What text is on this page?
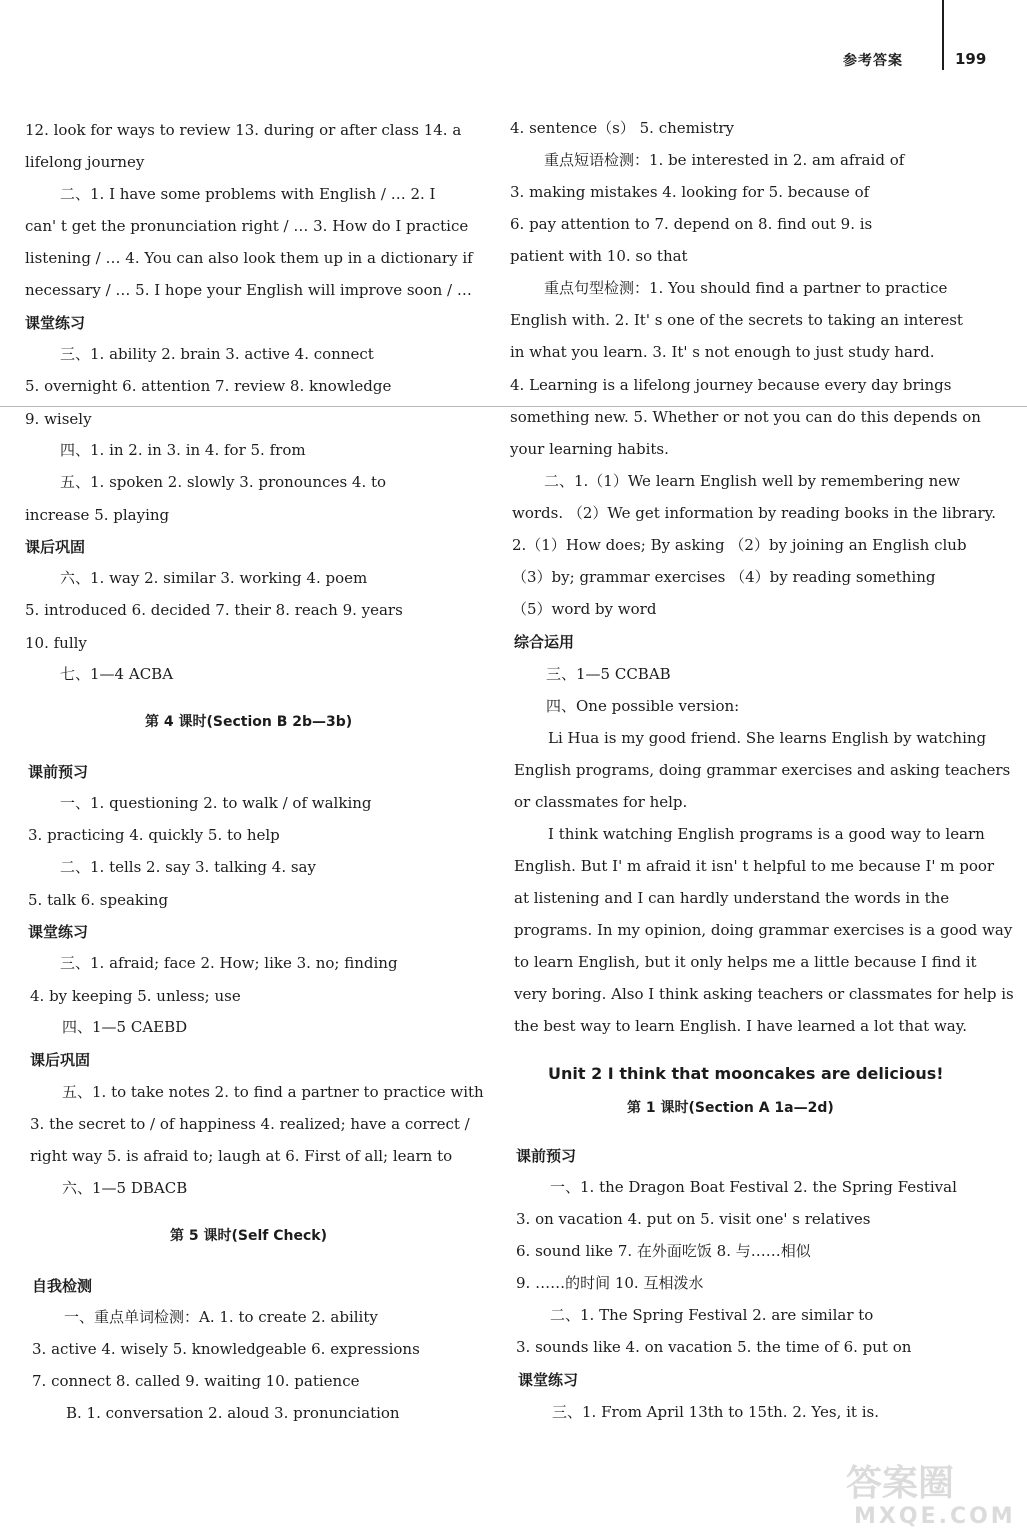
参考答案	199
12. look for ways to review 13. during or after class 14. a
lifelong journey
二、1. I have some problems with English / … 2. I
can' t get the pronunciation right / … 3. How do I practice
listening / … 4. You can also look them up in a dictionary if
necessary / … 5. I hope your English will improve soon / …
课堂练习
三、1. ability 2. brain 3. active 4. connect
5. overnight 6. attention 7. review 8. knowledge
9. wisely
四、1. in 2. in 3. in 4. for 5. from
五、1. spoken 2. slowly 3. pronounces 4. to
increase 5. playing
课后巩固
六、1. way 2. similar 3. working 4. poem
5. introduced 6. decided 7. their 8. reach 9. years
10. fully
七、1—4 ACBA
第 4 课时(Section B 2b—3b)
课前预习
一、1. questioning 2. to walk / of walking
3. practicing 4. quickly 5. to help
二、1. tells 2. say 3. talking 4. say
5. talk 6. speaking
课堂练习
三、1. afraid; face 2. How; like 3. no; finding
4. by keeping 5. unless; use
四、1—5 CAEBD
课后巩固
五、1. to take notes 2. to find a partner to practice with
3. the secret to / of happiness 4. realized; have a correct /
right way 5. is afraid to; laugh at 6. First of all; learn to
六、1—5 DBACB
第 5 课时(Self Check)
自我检测
一、重点单词检测：A. 1. to create 2. ability
3. active 4. wisely 5. knowledgeable 6. expressions
7. connect 8. called 9. waiting 10. patience
B. 1. conversation 2. aloud 3. pronunciation
4. sentence（s） 5. chemistry
重点短语检测：1. be interested in 2. am afraid of
3. making mistakes 4. looking for 5. because of
6. pay attention to 7. depend on 8. find out 9. is
patient with 10. so that
重点句型检测：1. You should find a partner to practice
English with. 2. It' s one of the secrets to taking an interest
in what you learn. 3. It' s not enough to just study hard.
4. Learning is a lifelong journey because every day brings
something new. 5. Whether or not you can do this depends on
your learning habits.
二、1.（1）We learn English well by remembering new
words. （2）We get information by reading books in the library.
2.（1）How does; By asking （2）by joining an English club
（3）by; grammar exercises （4）by reading something
（5）word by word
综合运用
三、1—5 CCBAB
四、One possible version:
Li Hua is my good friend. She learns English by watching
English programs, doing grammar exercises and asking teachers
or classmates for help.
I think watching English programs is a good way to learn
English. But I' m afraid it isn' t helpful to me because I' m poor
at listening and I can hardly understand the words in the
programs. In my opinion, doing grammar exercises is a good way
to learn English, but it only helps me a little because I find it
very boring. Also I think asking teachers or classmates for help is
the best way to learn English. I have learned a lot that way.
Unit 2 I think that mooncakes are delicious!
第 1 课时(Section A 1a—2d)
课前预习
一、1. the Dragon Boat Festival 2. the Spring Festival
3. on vacation 4. put on 5. visit one' s relatives
6. sound like 7. 在外面吃饭 8. 与……相似
9. ……的时间 10. 互相泼水
二、1. The Spring Festival 2. are similar to
3. sounds like 4. on vacation 5. the time of 6. put on
课堂练习
三、1. From April 13th to 15th. 2. Yes, it is.
答案圈
MXQE.COM
